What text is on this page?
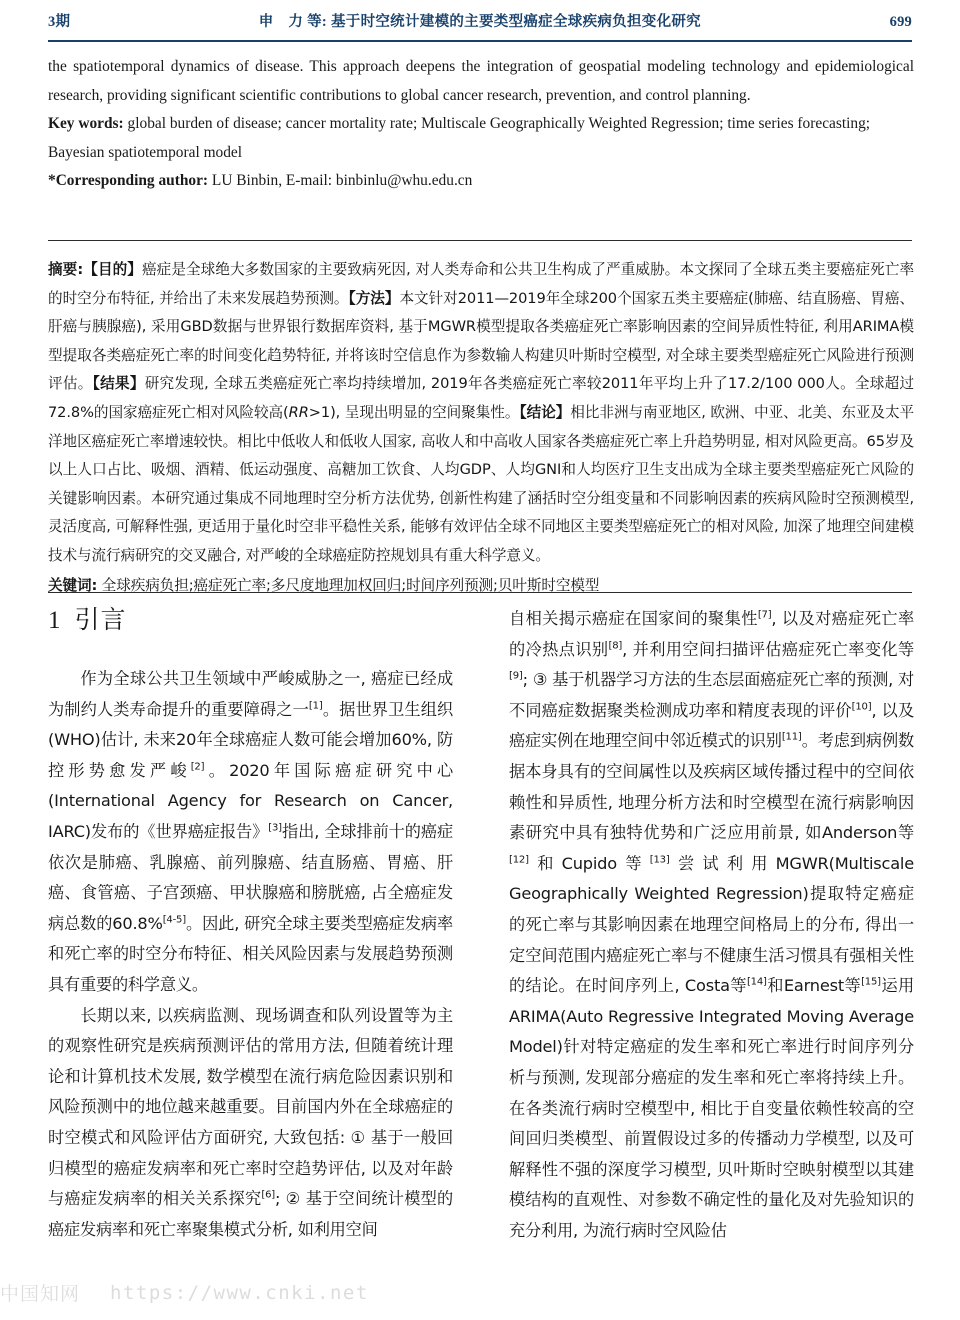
3期	申　力 等: 基于时空统计建模的主要类型癌症全球疾病负担变化研究	699

the spatiotemporal dynamics of disease. This approach deepens the integration of geospatial modeling technology and epidemiological research, providing significant scientific contributions to global cancer research, prevention, and control planning.

Key words: global burden of disease; cancer mortality rate; Multiscale Geographically Weighted Regression; time series forecasting; Bayesian spatiotemporal model

*Corresponding author: LU Binbin, E-mail: binbinlu@whu.edu.cn

摘要:【目的】癌症是全球绝大多数国家的主要致病死因, 对人类寿命和公共卫生构成了严重威胁。本文探同了全球五类主要癌症死亡率的时空分布特征, 并给出了未来发展趋势预测。【方法】本文针对2011—2019年全球200个国家五类主要癌症(肺癌、结直肠癌、胃癌、肝癌与胰腺癌), 采用GBD数据与世界银行数据库资料, 基于MGWR模型提取各类癌症死亡率影响因素的空间异质性特征, 利用ARIMA模型提取各类癌症死亡率的时间变化趋势特征, 并将该时空信息作为参数输人构建贝叶斯时空模型, 对全球主要类型癌症死亡风险进行预测评估。【结果】研究发现, 全球五类癌症死亡率均持续增加, 2019年各类癌症死亡率较2011年平均上升了17.2/100 000人。全球超过72.8%的国家癌症死亡相对风险较高(RR>1), 呈现出明显的空间聚集性。【结论】相比非洲与南亚地区, 欧洲、中亚、北美、东亚及太平洋地区癌症死亡率增速较快。相比中低收人和低收人国家, 高收人和中高收人国家各类癌症死亡率上升趋势明显, 相对风险更高。65岁及以上人口占比、吸烟、酒精、低运动强度、高糖加工饮食、人均GDP、人均GNI和人均医疗卫生支出成为全球主要类型癌症死亡风险的关键影响因素。本研究通过集成不同地理时空分析方法优势, 创新性构建了涵括时空分组变量和不同影响因素的疾病风险时空预测模型, 灵活度高, 可解释性强, 更适用于量化时空非平稳性关系, 能够有效评估全球不同地区主要类型癌症死亡的相对风险, 加深了地理空间建模技术与流行病研究的交叉融合, 对严峻的全球癌症防控规划具有重大科学意义。

关键词: 全球疾病负担;癌症死亡率;多尺度地理加权回归;时间序列预测;贝叶斯时空模型

1 引言

作为全球公共卫生领域中严峻威胁之一, 癌症已经成为制约人类寿命提升的重要障碍之一[1]。据世界卫生组织(WHO)估计, 未来20年全球癌症人数可能会增加60%, 防控形势愈发严峻[2]。2020年国际癌症研究中心(International Agency for Research on Cancer, IARC)发布的《世界癌症报告》[3]指出, 全球排前十的癌症依次是肺癌、乳腺癌、前列腺癌、结直肠癌、胃癌、肝癌、食管癌、子宫颈癌、甲状腺癌和膀胱癌, 占全癌症发病总数的60.8%[4-5]。因此, 研究全球主要类型癌症发病率和死亡率的时空分布特征、相关风险因素与发展趋势预测具有重要的科学意义。

长期以来, 以疾病监测、现场调查和队列设置等为主的观察性研究是疾病预测评估的常用方法, 但随着统计理论和计算机技术发展, 数学模型在流行病危险因素识别和风险预测中的地位越来越重要。目前国内外在全球癌症的时空模式和风险评估方面研究, 大致包括: ① 基于一般回归模型的癌症发病率和死亡率时空趋势评估, 以及对年龄与癌症发病率的相关关系探究[6]; ② 基于空间统计模型的癌症发病率和死亡率聚集模式分析, 如利用空间

自相关揭示癌症在国家间的聚集性[7], 以及对癌症死亡率的冷热点识别[8], 并利用空间扫描评估癌症死亡率变化等[9]; ③ 基于机器学习方法的生态层面癌症死亡率的预测, 对不同癌症数据聚类检测成功率和精度表现的评价[10], 以及癌症实例在地理空间中邻近模式的识别[11]。考虑到病例数据本身具有的空间属性以及疾病区域传播过程中的空间依赖性和异质性, 地理分析方法和时空模型在流行病影响因素研究中具有独特优势和广泛应用前景, 如Anderson等[12]和Cupido等[13]尝试利用MGWR(Multiscale Geographically Weighted Regression)提取特定癌症的死亡率与其影响因素在地理空间格局上的分布, 得出一定空间范围内癌症死亡率与不健康生活习惯具有强相关性的结论。在时间序列上, Costa等[14]和Earnest等[15]运用ARIMA(Auto Regressive Integrated Moving Average Model)针对特定癌症的发生率和死亡率进行时间序列分析与预测, 发现部分癌症的发生率和死亡率将持续上升。在各类流行病时空模型中, 相比于自变量依赖性较高的空间回归类模型、前置假设过多的传播动力学模型, 以及可解释性不强的深度学习模型, 贝叶斯时空映射模型以其建模结构的直观性、对参数不确定性的量化及对先验知识的充分利用, 为流行病时空风险估

中国知网 https://www.cnki.net
